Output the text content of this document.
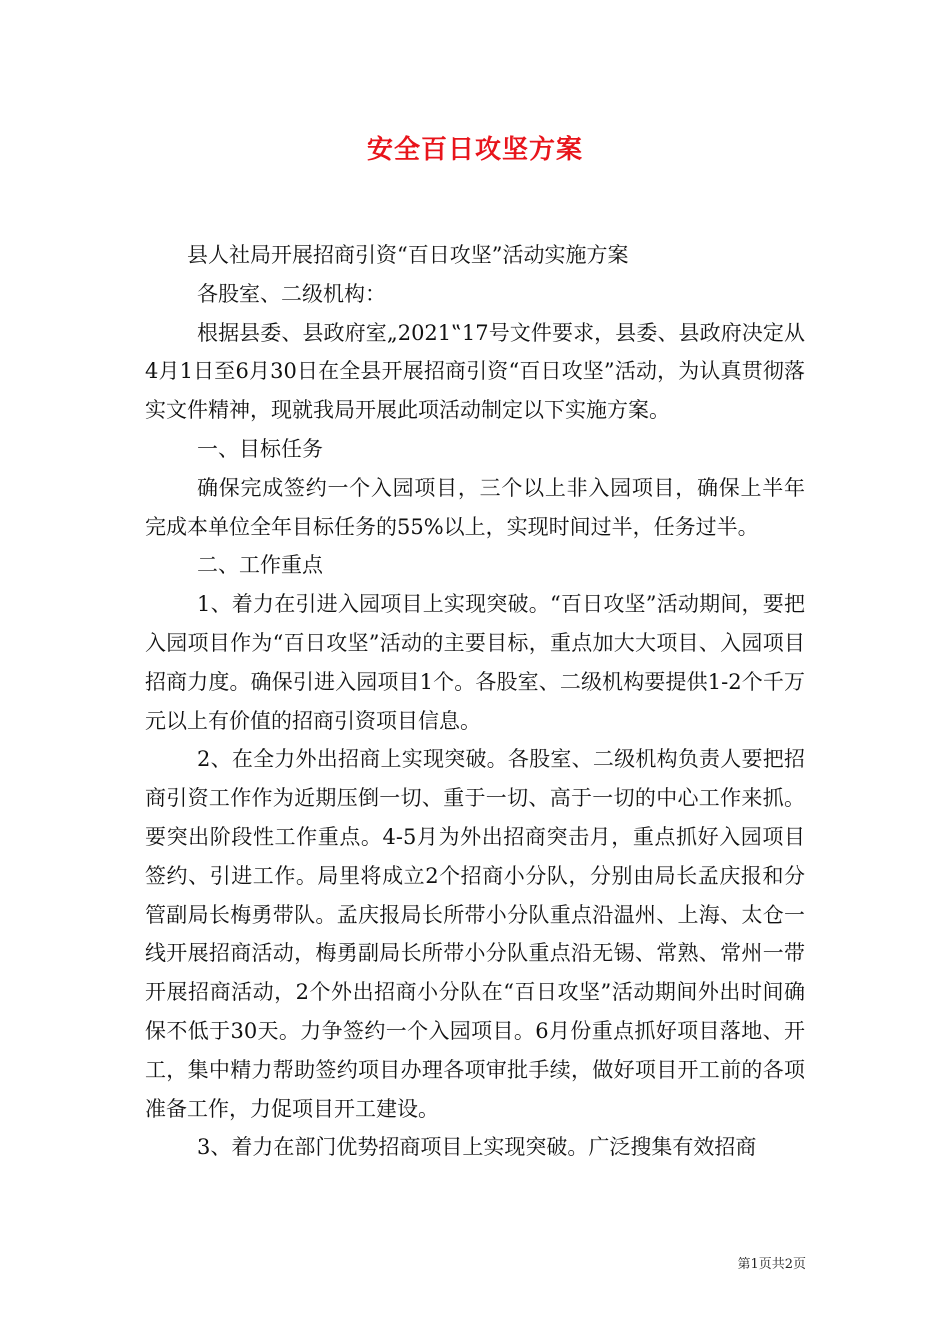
安全百日攻坚方案

县人社局开展招商引资“百日攻坚”活动实施方案

各股室、二级机构：

根据县委、县政府室„2021‟17号文件要求，县委、县政府决定从4月1日至6月30日在全县开展招商引资“百日攻坚”活动，为认真贯彻落实文件精神，现就我局开展此项活动制定以下实施方案。

一、目标任务

确保完成签约一个入园项目，三个以上非入园项目，确保上半年完成本单位全年目标任务的55%以上，实现时间过半，任务过半。

二、工作重点

1、着力在引进入园项目上实现突破。“百日攻坚”活动期间，要把入园项目作为“百日攻坚”活动的主要目标，重点加大大项目、入园项目招商力度。确保引进入园项目1个。各股室、二级机构要提供1-2个千万元以上有价值的招商引资项目信息。

2、在全力外出招商上实现突破。各股室、二级机构负责人要把招商引资工作作为近期压倒一切、重于一切、高于一切的中心工作来抓。要突出阶段性工作重点。4-5月为外出招商突击月，重点抓好入园项目签约、引进工作。局里将成立2个招商小分队，分别由局长孟庆报和分管副局长梅勇带队。孟庆报局长所带小分队重点沿温州、上海、太仓一线开展招商活动，梅勇副局长所带小分队重点沿无锡、常熟、常州一带开展招商活动，2个外出招商小分队在“百日攻坚”活动期间外出时间确保不低于30天。力争签约一个入园项目。6月份重点抓好项目落地、开工，集中精力帮助签约项目办理各项审批手续，做好项目开工前的各项准备工作，力促项目开工建设。

3、着力在部门优势招商项目上实现突破。广泛搜集有效招商

第1页共2页
